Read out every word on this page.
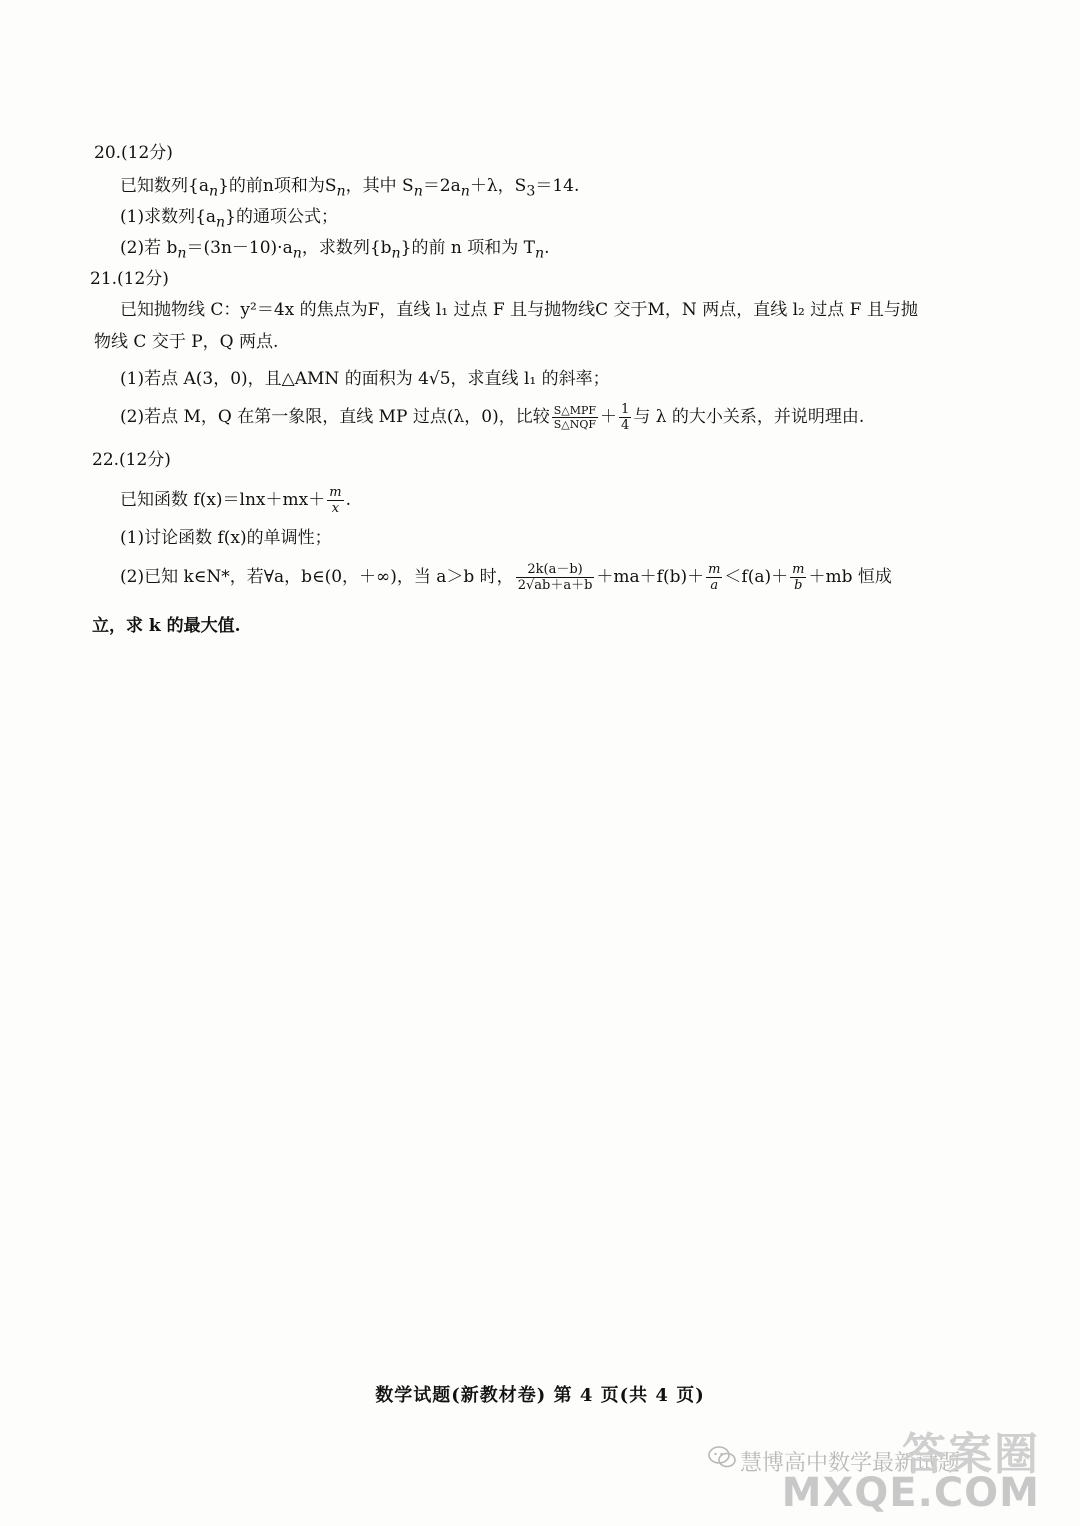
20.(12分)
已知数列$\{a_n\}$的前n项和为$S_n$，其中 $S_n=2a_n+\lambda$，$S_3=14$.
(1)求数列$\{a_n\}$的通项公式；
(2)若 $b_n=(3n-10)\cdot a_n$，求数列$\{b_n\}$的前 n 项和为 $T_n$.
21.(12分)
已知抛物线 C：y²＝4x 的焦点为F，直线 l₁ 过点 F 且与抛物线C 交于M，N 两点，直线 l₂ 过点 F 且与抛
物线 C 交于 P，Q 两点.
(1)若点 A(3，0)，且△AMN 的面积为 4√5，求直线 l₁ 的斜率；
(2)若点 M，Q 在第一象限，直线 MP 过点(λ，0)，比较 $\frac{\text{S△MPF}}{\text{S△NQF}} + \frac{1}{4}$ 与 λ 的大小关系，并说明理由.
22.(12分)
已知函数 $f(x)=\ln x+mx+ \frac{m}{x}$ .
(1)讨论函数 f(x)的单调性；
(2)已知 k∈N*，若∀a，b∈(0，＋∞)，当 a＞b 时， $\frac{2k(a-b)}{2√ab+a+b} +ma+f(b)+ \frac{m}{a} <f(a)+ \frac{m}{b} +mb$ 恒成
立，求 k 的最大值.
数学试题(新教材卷) 第 4 页(共 4 页)
慧博高中数学最新试题
答案圈
MXQE.COM
